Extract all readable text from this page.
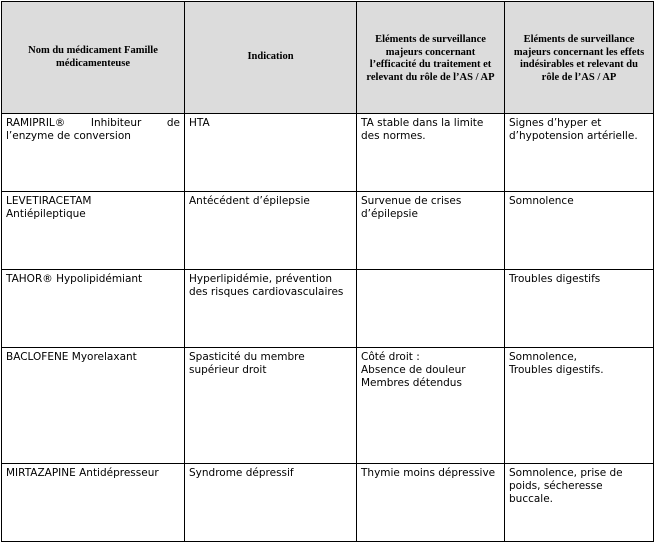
Nom du médicament Famille médicamenteuse	Indication	Eléments de surveillance majeurs concernant l’efficacité du traitement et relevant du rôle de l’AS / AP	Eléments de surveillance majeurs concernant les effets indésirables et relevant du rôle de l’AS / AP

RAMIPRIL® Inhibiteur de
l’enzyme de conversion	HTA	TA stable dans la limite des normes.	Signes d’hyper et d’hypotension artérielle.

LEVETIRACETAM
Antiépileptique	Antécédent d’épilepsie	Survenue de crises d’épilepsie	Somnolence

TAHOR® Hypolipidémiant	Hyperlipidémie, prévention des risques cardiovasculaires		Troubles digestifs

BACLOFENE Myorelaxant	Spasticité du membre supérieur droit	Côté droit :
Absence de douleur
Membres détendus	Somnolence,
Troubles digestifs.

MIRTAZAPINE Antidépresseur	Syndrome dépressif	Thymie moins dépressive	Somnolence, prise de poids, sécheresse buccale.
